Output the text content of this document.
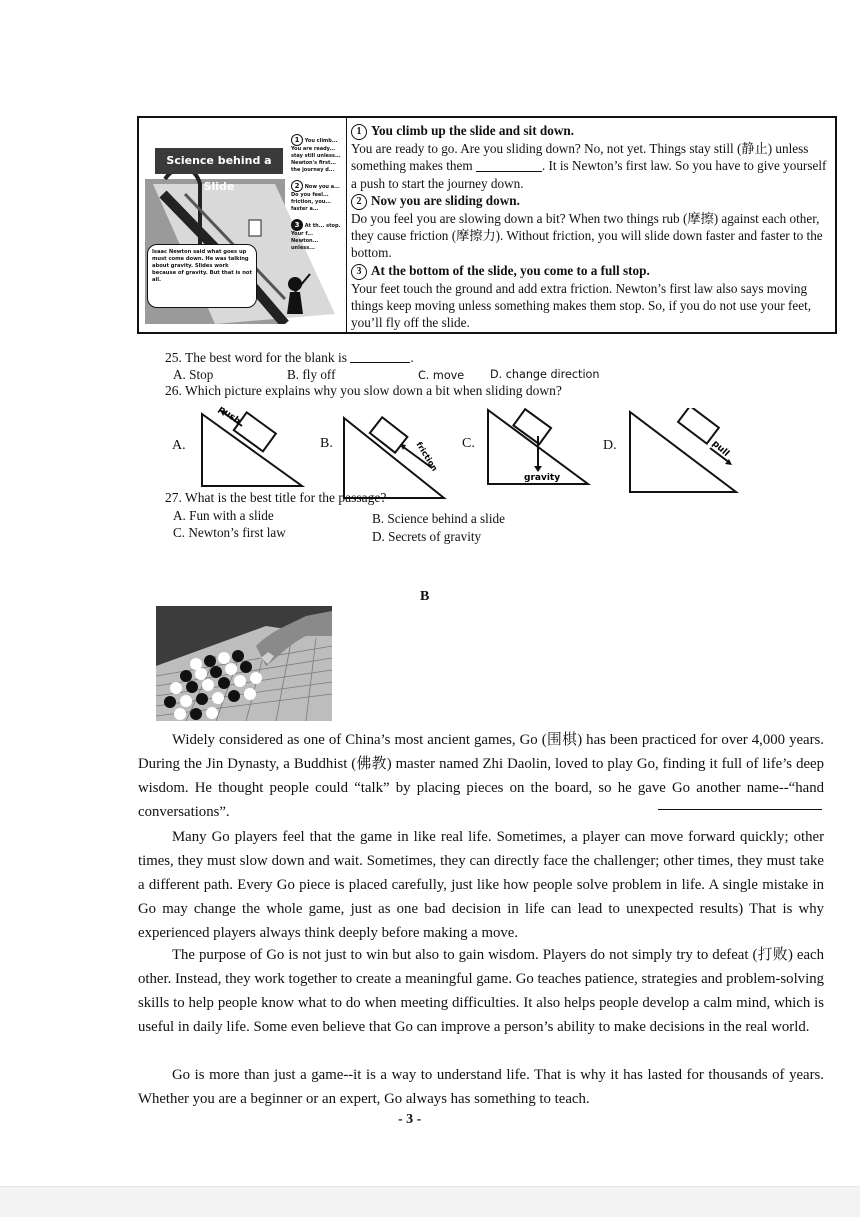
Science behind a Slide
Isaac Newton said what goes up must come down. He was talking about gravity. Slides work because of gravity. But that is not all.
1 You climb... You are ready... stay still unless... Newton's first... the journey d...
2 Now you a... Do you feel... friction, you... faster a...
3 At th... stop. Your f... Newton... unless...

1 You climb up the slide and sit down.

You are ready to go. Are you sliding down? No, not yet. Things stay still (静止) unless something makes them	. It is Newton’s first law. So you have to give yourself a push to start the journey down.

2 Now you are sliding down.

Do you feel you are slowing down a bit? When two things rub (摩擦) against each other, they cause friction (摩擦力). Without friction, you will slide down faster and faster to the bottom.

3 At the bottom of the slide, you come to a full stop.

Your feet touch the ground and add extra friction. Newton’s first law also says moving things keep moving unless something makes them stop. So, if you do not use your feet, you’ll fly off the slide.

25. The best word for the blank is	.
A. Stop	B. fly off	C. move D. change direction
26. Which picture explains why you slow down a bit when sliding down?
A.
push
B.	friction C.
gravity
D.	pull
27. What is the best title for the passage?
A. Fun with a slide	B. Science behind a slide
C. Newton’s first law	D. Secrets of gravity
B

Widely considered as one of China’s most ancient games, Go (围棋) has been practiced for over 4,000 years. During the Jin Dynasty, a Buddhist (佛教) master named Zhi Daolin, loved to play Go, finding it full of life’s deep wisdom. He thought people could “talk” by placing pieces on the board, so he gave Go another name--“hand conversations”.

Many Go players feel that the game in like real life. Sometimes, a player can move forward quickly; other times, they must slow down and wait. Sometimes, they can directly face the challenger; other times, they must take a different path. Every Go piece is placed carefully, just like how people solve problem in life. A single mistake in Go may change the whole game, just as one bad decision in life can lead to unexpected results) That is why experienced players always think deeply before making a move.

The purpose of Go is not just to win but also to gain wisdom. Players do not simply try to defeat (打败) each other. Instead, they work together to create a meaningful game. Go teaches patience, strategies and problem-solving skills to help people know what to do when meeting difficulties. It also helps people develop a calm mind, which is useful in daily life. Some even believe that Go can improve a person’s ability to make decisions in the real world.

Go is more than just a game--it is a way to understand life. That is why it has lasted for thousands of years. Whether you are a beginner or an expert, Go always has something to teach.

- 3 -
